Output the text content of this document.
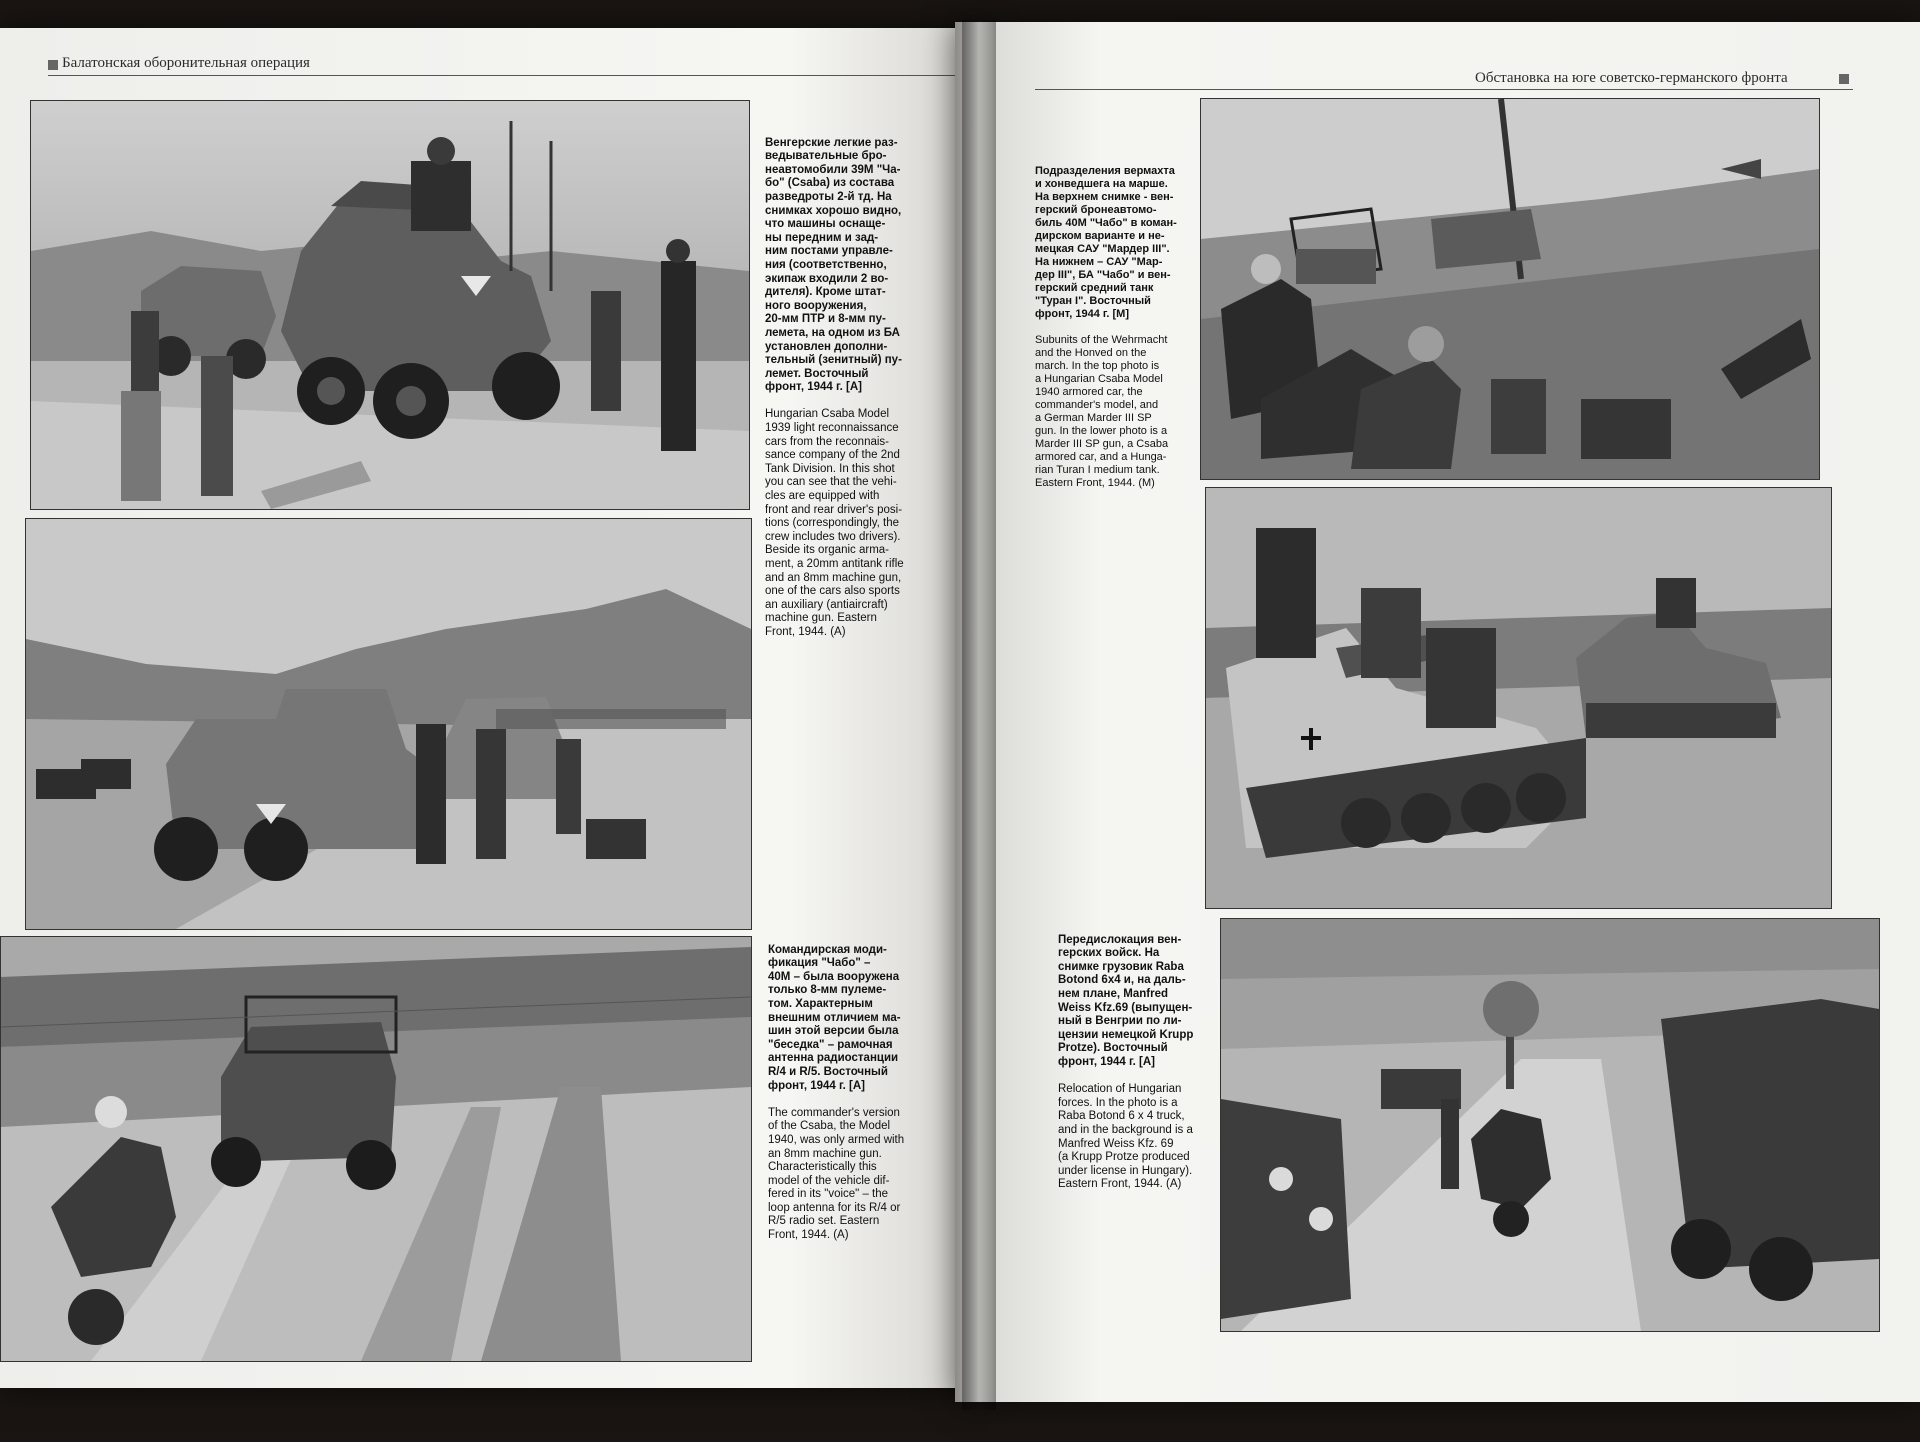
Балатонская оборонительная операция

Венгерские легкие раз-
ведывательные бро-
неавтомобили 39M "Ча-
бо" (Csaba) из состава
разведроты 2-й тд. На
снимках хорошо видно,
что машины оснаще-
ны передним и зад-
ним постами управле-
ния (соответственно,
экипаж входили 2 во-
дителя). Кроме штат-
ного вооружения,
20-мм ПТР и 8-мм пу-
лемета, на одном из БА
установлен дополни-
тельный (зенитный) пу-
лемет. Восточный
фронт, 1944 г. [А]

Hungarian Csaba Model
1939 light reconnaissance
cars from the reconnais-
sance company of the 2nd
Tank Division. In this shot
you can see that the vehi-
cles are equipped with
front and rear driver's posi-
tions (correspondingly, the
crew includes two drivers).
Beside its organic arma-
ment, a 20mm antitank rifle
and an 8mm machine gun,
one of the cars also sports
an auxiliary (antiaircraft)
machine gun. Eastern
Front, 1944. (A)

Командирская моди-
фикация "Чабо" –
40M – была вооружена
только 8-мм пулеме-
том. Характерным
внешним отличием ма-
шин этой версии была
"беседка" – рамочная
антенна радиостанции
R/4 и R/5. Восточный
фронт, 1944 г. [А]

The commander's version
of the Csaba, the Model
1940, was only armed with
an 8mm machine gun.
Characteristically this
model of the vehicle dif-
fered in its "voice" – the
loop antenna for its R/4 or
R/5 radio set. Eastern
Front, 1944. (A)

Обстановка на юге советско-германского фронта

Подразделения вермахта
и хонведшега на марше.
На верхнем снимке - вен-
герский бронеавтомо-
биль 40M "Чабо" в коман-
дирском варианте и не-
мецкая САУ "Мардер III".
На нижнем – САУ "Мар-
дер III", БА "Чабо" и вен-
герский средний танк
"Туран I". Восточный
фронт, 1944 г. [М]

Subunits of the Wehrmacht
and the Honved on the
march. In the top photo is
a Hungarian Csaba Model
1940 armored car, the
commander's model, and
a German Marder III SP
gun. In the lower photo is a
Marder III SP gun, a Csaba
armored car, and a Hunga-
rian Turan I medium tank.
Eastern Front, 1944. (M)

Передислокация вен-
герских войск. На
снимке грузовик Raba
Botond 6x4 и, на даль-
нем плане, Manfred
Weiss Kfz.69 (выпущен-
ный в Венгрии по ли-
цензии немецкой Krupp
Protze). Восточный
фронт, 1944 г. [А]

Relocation of Hungarian
forces. In the photo is a
Raba Botond 6 x 4 truck,
and in the background is a
Manfred Weiss Kfz. 69
(a Krupp Protze produced
under license in Hungary).
Eastern Front, 1944. (A)
